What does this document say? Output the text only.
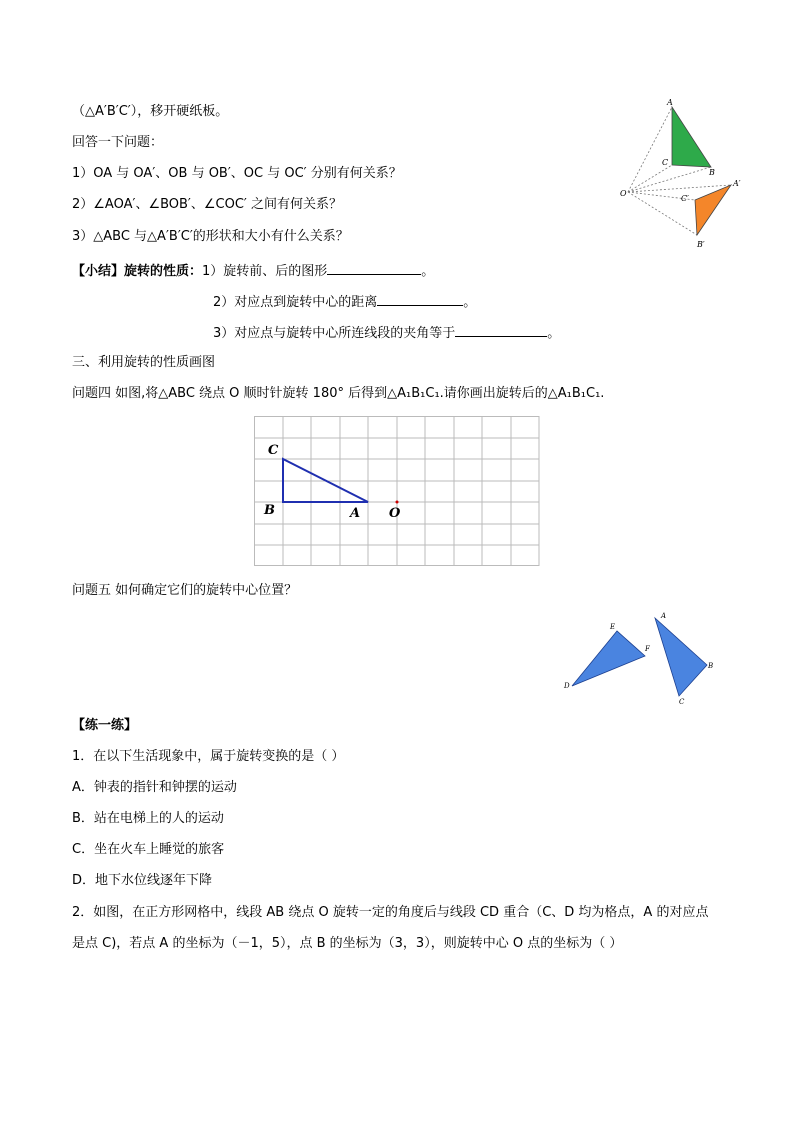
（△A′B′C′），移开硬纸板。
回答一下问题：
1）OA 与 OA′、OB 与 OB′、OC 与 OC′ 分别有何关系？
2）∠AOA′、∠BOB′、∠COC′ 之间有何关系？
3）△ABC 与△A′B′C′的形状和大小有什么关系？
【小结】旋转的性质：1）旋转前、后的图形	。
2）对应点到旋转中心的距离	。
3）对应点与旋转中心所连线段的夹角等于	。
三、利用旋转的性质画图
问题四 如图,将△ABC 绕点 O 顺时针旋转 180° 后得到△A₁B₁C₁.请你画出旋转后的△A₁B₁C₁.
问题五 如何确定它们的旋转中心位置？
【练一练】
1．在以下生活现象中，属于旋转变换的是（ ）
A．钟表的指针和钟摆的运动
B．站在电梯上的人的运动
C．坐在火车上睡觉的旅客
D．地下水位线逐年下降
2．如图，在正方形网格中，线段 AB 绕点 O 旋转一定的角度后与线段 CD 重合（C、D 均为格点，A 的对应点
是点 C)，若点 A 的坐标为（－1，5），点 B 的坐标为（3，3），则旋转中心 O 点的坐标为（ ）
A
B
C
O
A′
B′
C′
C
B	A O
A
B
C
D
E
F
